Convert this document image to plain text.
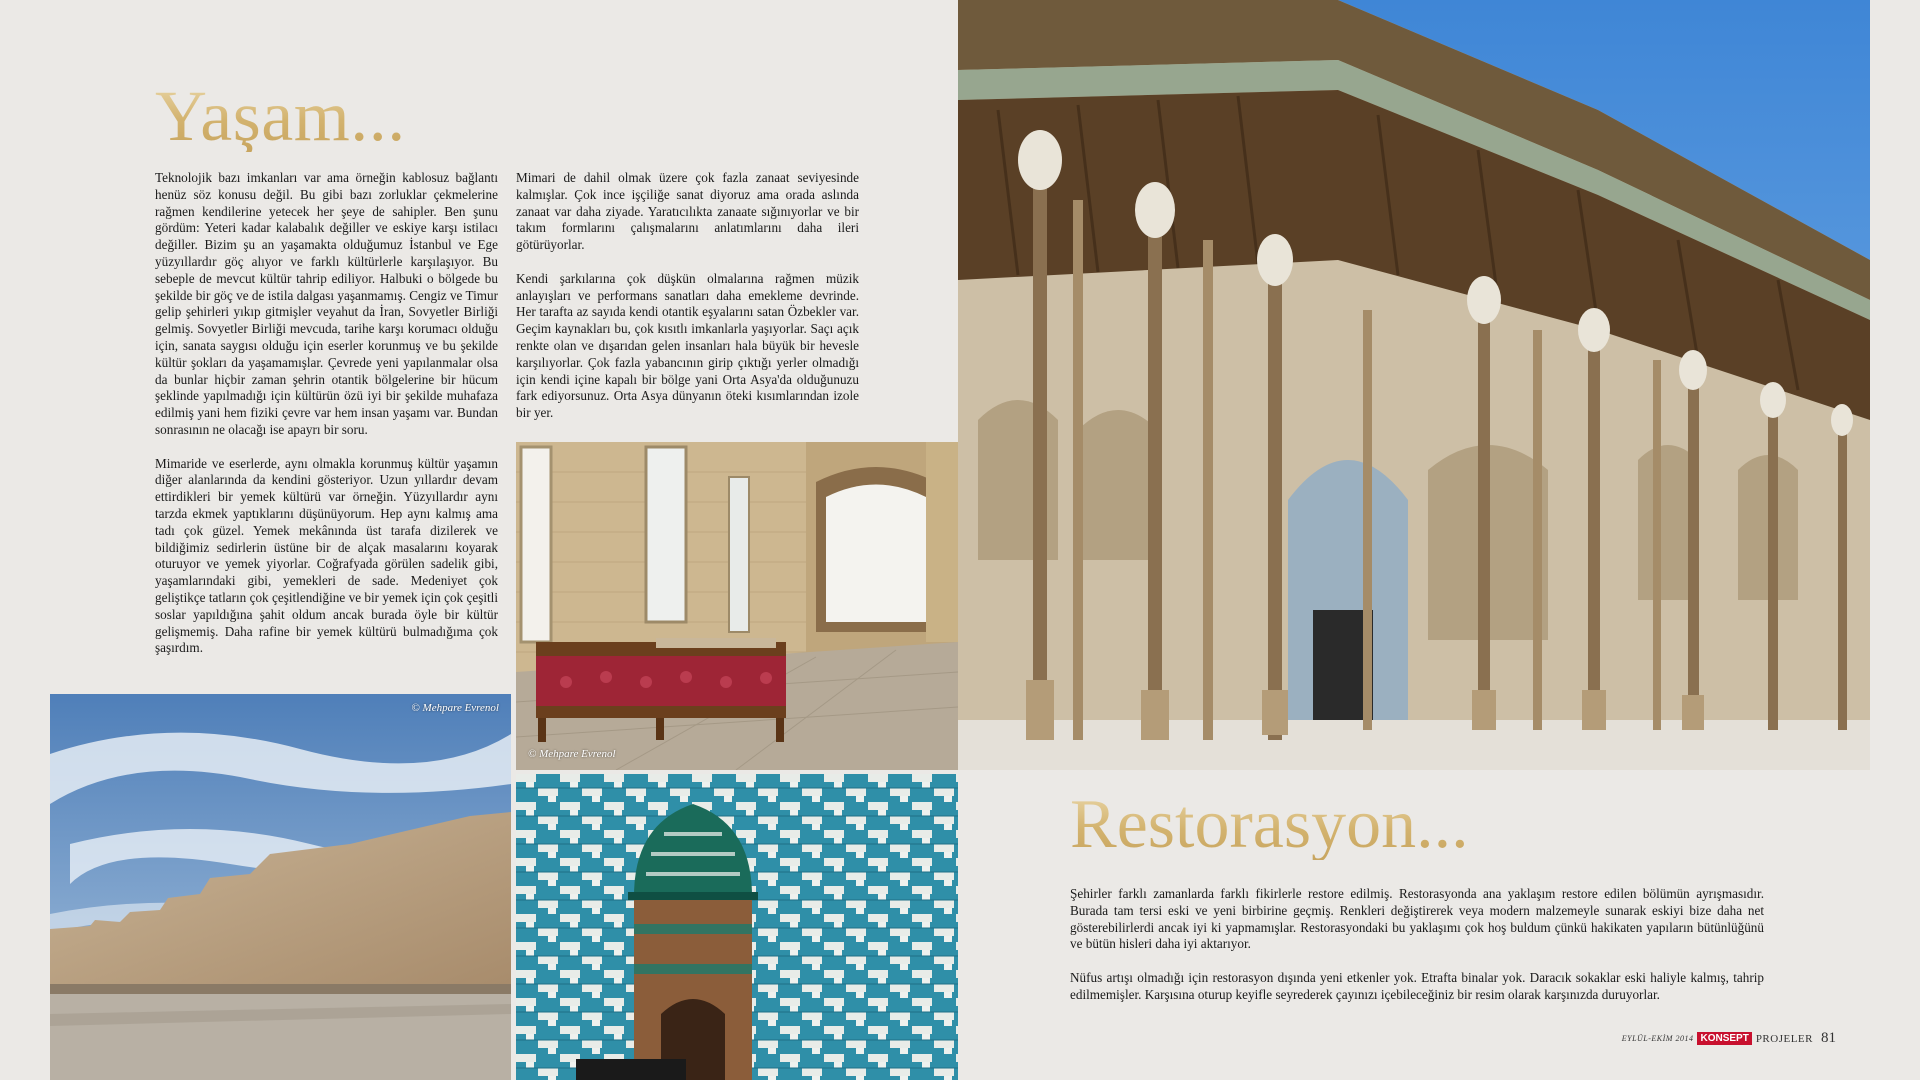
Yaşam...
Restorasyon...

Teknolojik bazı imkanları var ama örneğin kablosuz bağlantı henüz söz konusu değil. Bu gibi bazı zorluklar çekmelerine rağmen kendilerine yetecek her şeye de sahipler. Ben şunu gördüm: Yeteri kadar kalabalık değiller ve eskiye karşı istilacı değiller. Bizim şu an yaşamakta olduğumuz İstanbul ve Ege yüzyıllardır göç alıyor ve farklı kültürlerle karşılaşıyor. Bu sebeple de mevcut kültür tahrip ediliyor. Halbuki o bölgede bu şekilde bir göç ve de istila dalgası yaşanmamış. Cengiz ve Timur gelip şehirleri yıkıp gitmişler veyahut da İran, Sovyetler Birliği gelmiş. Sovyetler Birliği mevcuda, tarihe karşı korumacı olduğu için, sanata saygısı olduğu için eserler korunmuş ve bu şekilde kültür şokları da yaşamamışlar. Çevrede yeni yapılanmalar olsa da bunlar hiçbir zaman şehrin otantik bölgelerine bir hücum şeklinde yapılmadığı için kültürün özü iyi bir şekilde muhafaza edilmiş yani hem fiziki çevre var hem insan yaşamı var. Bundan sonrasının ne olacağı ise apayrı bir soru.

Mimaride ve eserlerde, aynı olmakla korunmuş kültür yaşamın diğer alanlarında da kendini gösteriyor. Uzun yıllardır devam ettirdikleri bir yemek kültürü var örneğin. Yüzyıllardır aynı tarzda ekmek yaptıklarını düşünüyorum. Hep aynı kalmış ama tadı çok güzel. Yemek mekânında üst tarafa dizilerek ve bildiğimiz sedirlerin üstüne bir de alçak masalarını koyarak oturuyor ve yemek yiyorlar. Coğrafyada görülen sadelik gibi, yaşamlarındaki gibi, yemekleri de sade. Medeniyet çok geliştikçe tatların çok çeşitlendiğine ve bir yemek için çok çeşitli soslar yapıldığına şahit oldum ancak burada öyle bir kültür gelişmemiş. Daha rafine bir yemek kültürü bulmadığıma çok şaşırdım.

Mimari de dahil olmak üzere çok fazla zanaat seviyesinde kalmışlar. Çok ince işçiliğe sanat diyoruz ama orada aslında zanaat var daha ziyade. Yaratıcılıkta zanaate sığınıyorlar ve bir takım formlarını çalışmalarını anlatımlarını daha ileri götürüyorlar.

Kendi şarkılarına çok düşkün olmalarına rağmen müzik anlayışları ve performans sanatları daha emekleme devrinde. Her tarafta az sayıda kendi otantik eşyalarını satan Özbekler var. Geçim kaynakları bu, çok kısıtlı imkanlarla yaşıyorlar. Saçı açık renkte olan ve dışarıdan gelen insanları hala büyük bir hevesle karşılıyorlar. Çok fazla yabancının girip çıktığı yerler olmadığı için kendi içine kapalı bir bölge yani Orta Asya'da olduğunuzu fark ediyorsunuz. Orta Asya dünyanın öteki kısımlarından izole bir yer.

Şehirler farklı zamanlarda farklı fikirlerle restore edilmiş. Restorasyonda ana yaklaşım restore edilen bölümün ayrışmasıdır. Burada tam tersi eski ve yeni birbirine geçmiş. Renkleri değiştirerek veya modern malzemeyle sunarak eskiyi bize daha net gösterebilirlerdi ancak iyi ki yapmamışlar. Restorasyondaki bu yaklaşımı çok hoş buldum çünkü hakikaten yapıların bütünlüğünü ve bütün hisleri daha iyi aktarıyor.

Nüfus artışı olmadığı için restorasyon dışında yeni etkenler yok. Etrafta binalar yok. Daracık sokaklar eski haliyle kalmış, tahrip edilmemişler. Karşısına oturup keyifle seyrederek çayınızı içebileceğiniz bir resim olarak karşınızda duruyorlar.

© Mehpare Evrenol
© Mehpare Evrenol
EYLÜL-EKİM 2014 KONSEPT PROJELER 81
